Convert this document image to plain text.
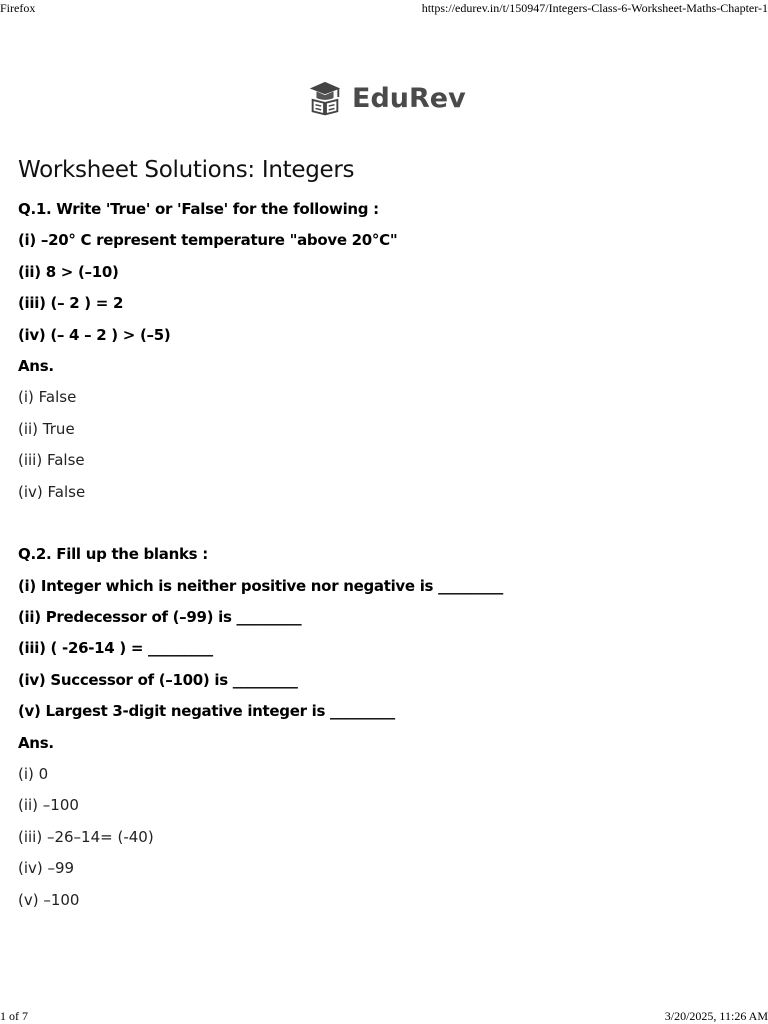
Firefox	https://edurev.in/t/150947/Integers-Class-6-Worksheet-Maths-Chapter-1
EduRev
Worksheet Solutions: Integers
Q.1. Write 'True' or 'False' for the following :
(i) –20° C represent temperature "above 20°C"
(ii) 8 > (–10)
(iii) (– 2 ) = 2
(iv) (– 4 – 2 ) > (–5)
Ans.
(i) False
(ii) True
(iii) False
(iv) False
Q.2. Fill up the blanks :
(i) Integer which is neither positive nor negative is _________
(ii) Predecessor of (–99) is _________
(iii) ( -26-14 ) = _________
(iv) Successor of (–100) is _________
(v) Largest 3-digit negative integer is _________
Ans.
(i) 0
(ii) –100
(iii) –26–14= (-40)
(iv) –99
(v) –100
1 of 7	3/20/2025, 11:26 AM
